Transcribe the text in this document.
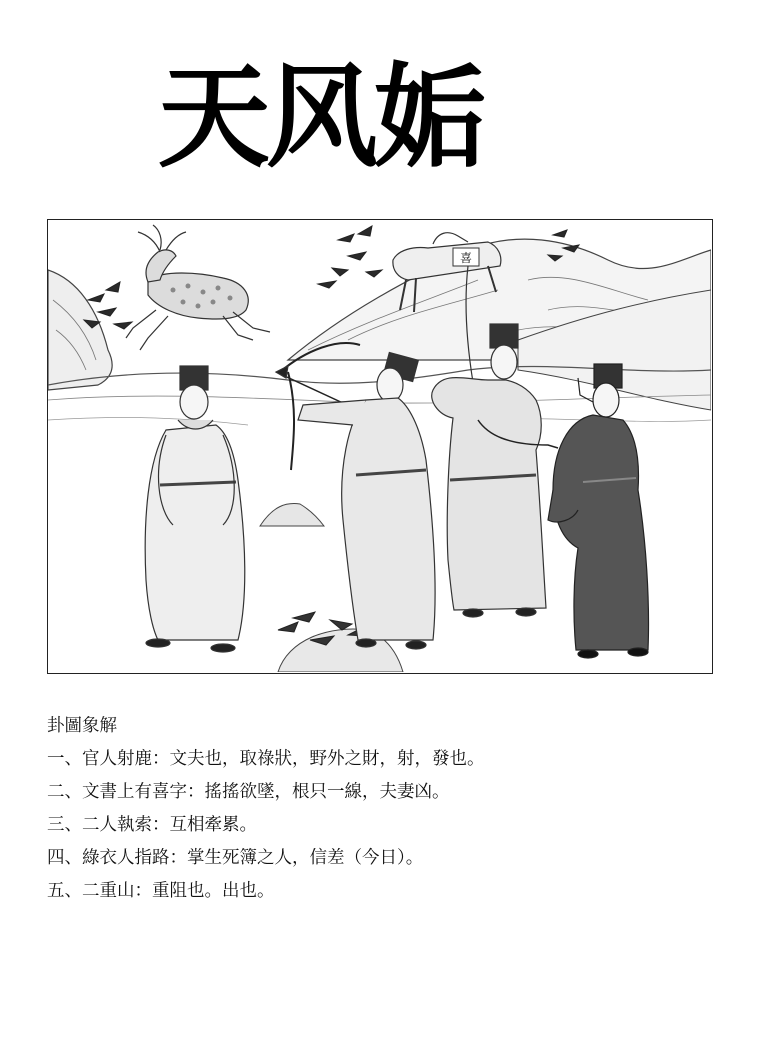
天风姤
喜
卦圖象解
一、官人射鹿：文夫也，取祿狀，野外之財，射，發也。
二、文書上有喜字：搖搖欲墜，根只一線，夫妻凶。
三、二人執索：互相牽累。
四、綠衣人指路：掌生死簿之人，信差（今日）。
五、二重山：重阻也。出也。
